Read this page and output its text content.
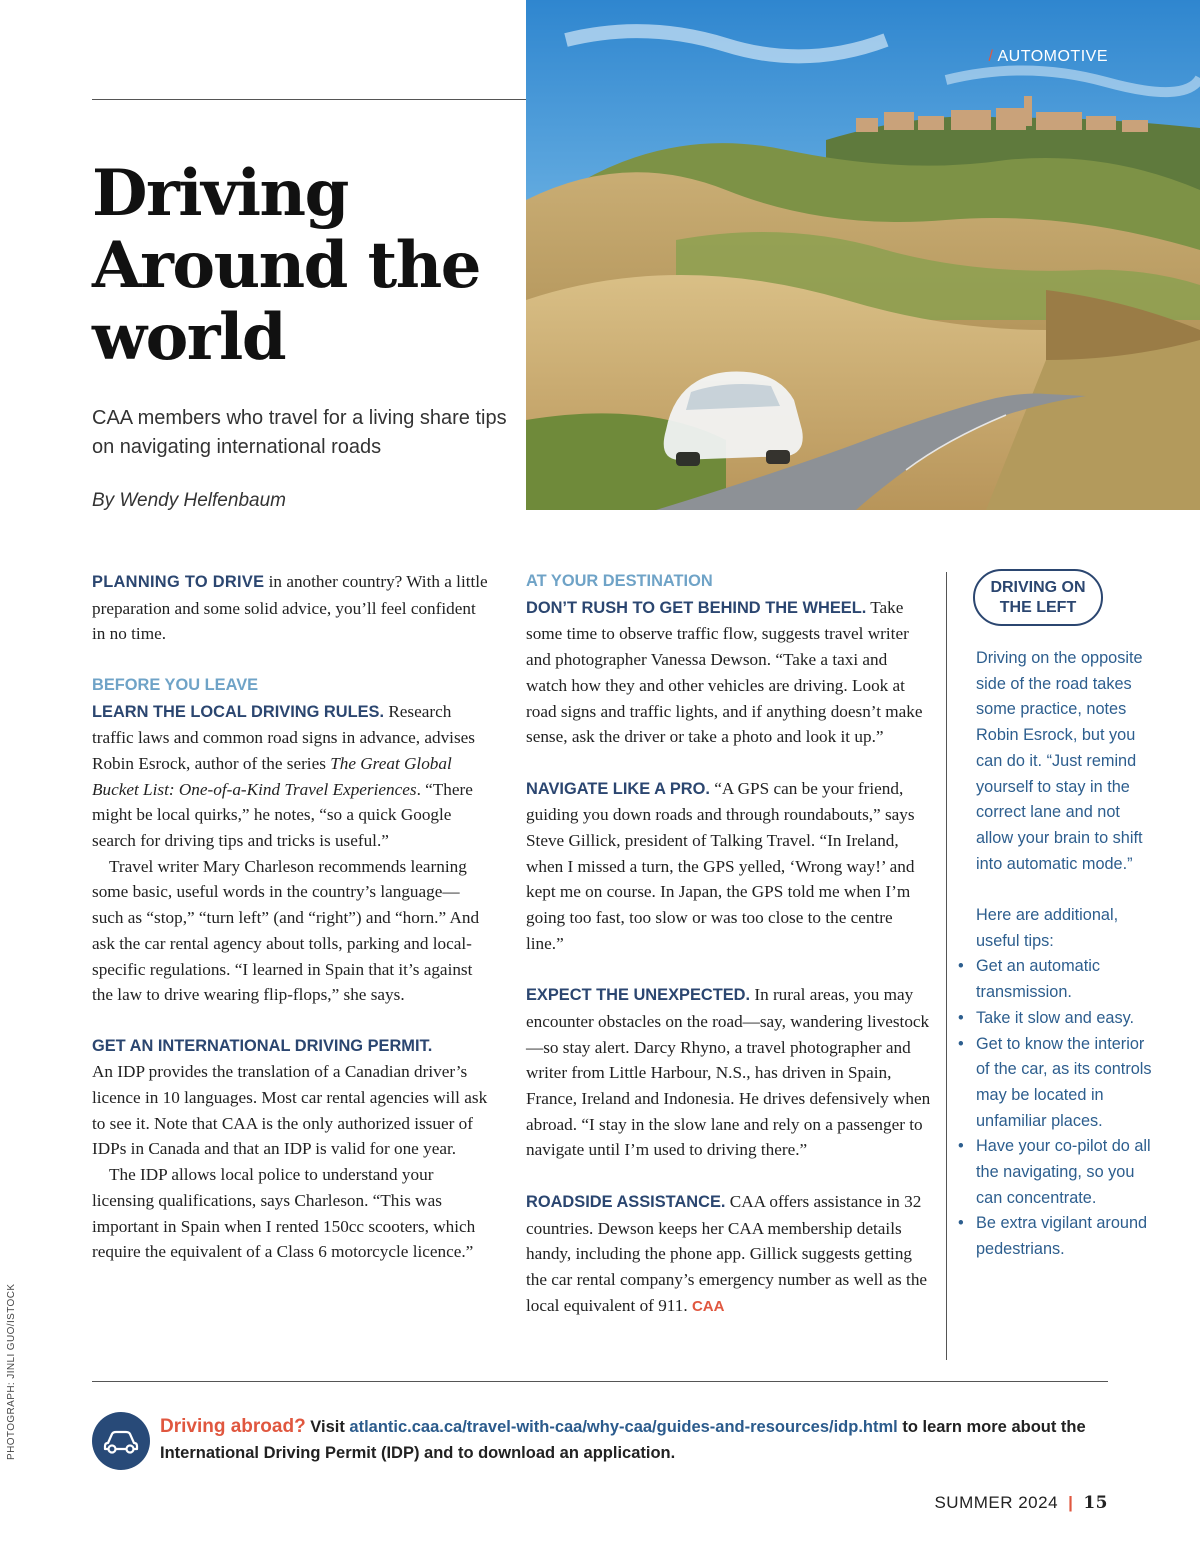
/ AUTOMOTIVE
Driving
Around the
world

CAA members who travel for a living share tips on navigating international roads

By Wendy Helfenbaum

PLANNING TO DRIVE in another country? With a little preparation and some solid advice, you’ll feel confident in no time.

BEFORE YOU LEAVE

LEARN THE LOCAL DRIVING RULES. Research traffic laws and common road signs in advance, advises Robin Esrock, author of the series The Great Global Bucket List: One-of-a-Kind Travel Experiences. “There might be local quirks,” he notes, “so a quick Google search for driving tips and tricks is useful.”

Travel writer Mary Charleson recommends learning some basic, useful words in the country’s language—such as “stop,” “turn left” (and “right”) and “horn.” And ask the car rental agency about tolls, parking and local-specific regulations. “I learned in Spain that it’s against the law to drive wearing flip-flops,” she says.

GET AN INTERNATIONAL DRIVING PERMIT.

An IDP provides the translation of a Canadian driver’s licence in 10 languages. Most car rental agencies will ask to see it. Note that CAA is the only authorized issuer of IDPs in Canada and that an IDP is valid for one year.

The IDP allows local police to understand your licensing qualifications, says Charleson. “This was important in Spain when I rented 150cc scooters, which require the equivalent of a Class 6 motorcycle licence.”

AT YOUR DESTINATION

DON’T RUSH TO GET BEHIND THE WHEEL. Take some time to observe traffic flow, suggests travel writer and photographer Vanessa Dewson. “Take a taxi and watch how they and other vehicles are driving. Look at road signs and traffic lights, and if anything doesn’t make sense, ask the driver or take a photo and look it up.”

NAVIGATE LIKE A PRO. “A GPS can be your friend, guiding you down roads and through roundabouts,” says Steve Gillick, president of Talking Travel. “In Ireland, when I missed a turn, the GPS yelled, ‘Wrong way!’ and kept me on course. In Japan, the GPS told me when I’m going too fast, too slow or was too close to the centre line.”

EXPECT THE UNEXPECTED. In rural areas, you may encounter obstacles on the road—say, wandering livestock—so stay alert. Darcy Rhyno, a travel photographer and writer from Little Harbour, N.S., has driven in Spain, France, Ireland and Indonesia. He drives defensively when abroad. “I stay in the slow lane and rely on a passenger to navigate until I’m used to driving there.”

ROADSIDE ASSISTANCE. CAA offers assistance in 32 countries. Dewson keeps her CAA membership details handy, including the phone app. Gillick suggests getting the car rental company’s emergency number as well as the local equivalent of 911. CAA

DRIVING ON
THE LEFT

Driving on the opposite side of the road takes some practice, notes Robin Esrock, but you can do it. “Just remind yourself to stay in the correct lane and not allow your brain to shift into automatic mode.”

Here are additional, useful tips:

• Get an automatic transmission.
• Take it slow and easy.
• Get to know the interior of the car, as its controls may be located in unfamiliar places.
• Have your co-pilot do all the navigating, so you can concentrate.
• Be extra vigilant around pedestrians.

Driving abroad? Visit atlantic.caa.ca/travel-with-caa/why-caa/guides-and-resources/idp.html to learn more about the International Driving Permit (IDP) and to download an application.

PHOTOGRAPH: JINLI GUO/ISTOCK
SUMMER 2024 | 15
